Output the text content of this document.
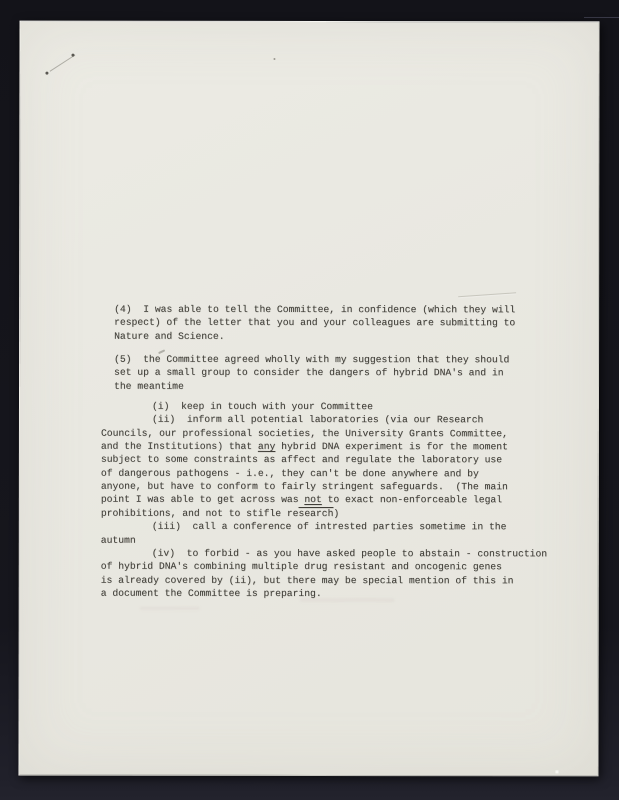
(4)  I was able to tell the Committee, in confidence (which they will
respect) of the letter that you and your colleagues are submitting to
Nature and Science.
(5)  the Committee agreed wholly with my suggestion that they should
set up a small group to consider the dangers of hybrid DNA's and in
the meantime
(i)  keep in touch with your Committee
(ii)  inform all potential laboratories (via our Research
Councils, our professional societies, the University Grants Committee,
and the Institutions) that any hybrid DNA experiment is for the moment
subject to some constraints as affect and regulate the laboratory use
of dangerous pathogens - i.e., they can't be done anywhere and by
anyone, but have to conform to fairly stringent safeguards.  (The main
point I was able to get across was not to exact non-enforceable legal
prohibitions, and not to stifle research)
(iii)  call a conference of intrested parties sometime in the
autumn
(iv)  to forbid - as you have asked people to abstain - construction
of hybrid DNA's combining multiple drug resistant and oncogenic genes
is already covered by (ii), but there may be special mention of this in
a document the Committee is preparing.
